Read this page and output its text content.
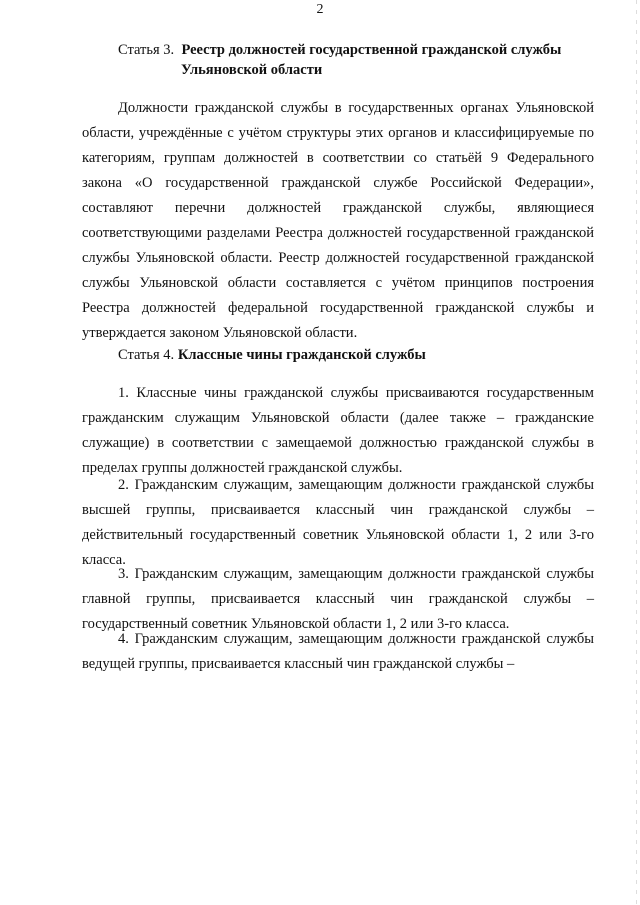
2
Статья 3. Реестр должностей государственной гражданской службы
Ульяновской области

Должности гражданской службы в государственных органах Ульяновской области, учреждённые с учётом структуры этих органов и классифицируемые по категориям, группам должностей в соответствии со статьёй 9 Федерального закона «О государственной гражданской службе Российской Федерации», составляют перечни должностей гражданской службы, являющиеся соответствующими разделами Реестра должностей государственной гражданской службы Ульяновской области. Реестр должностей государственной гражданской службы Ульяновской области составляется с учётом принципов построения Реестра должностей федеральной государственной гражданской службы и утверждается законом Ульяновской области.

Статья 4. Классные чины гражданской службы

1. Классные чины гражданской службы присваиваются государственным гражданским служащим Ульяновской области (далее также – гражданские служащие) в соответствии с замещаемой должностью гражданской службы в пределах группы должностей гражданской службы.

2. Гражданским служащим, замещающим должности гражданской службы высшей группы, присваивается классный чин гражданской службы – действительный государственный советник Ульяновской области 1, 2 или 3-го класса.

3. Гражданским служащим, замещающим должности гражданской службы главной группы, присваивается классный чин гражданской службы – государственный советник Ульяновской области 1, 2 или 3-го класса.

4. Гражданским служащим, замещающим должности гражданской службы ведущей группы, присваивается классный чин гражданской службы –
